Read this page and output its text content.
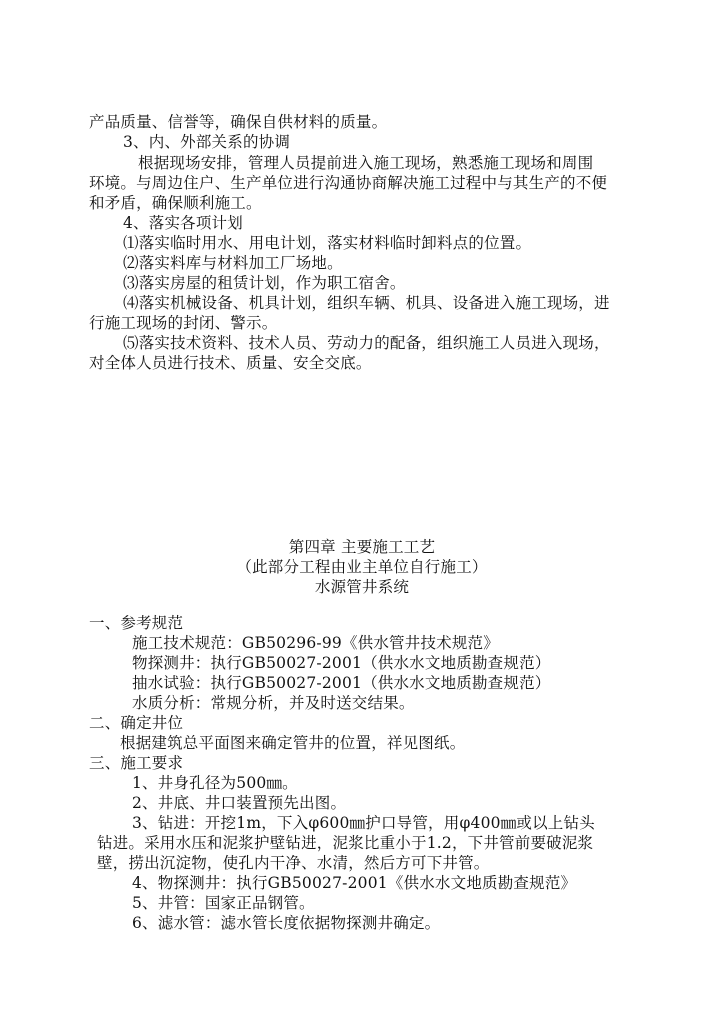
产品质量、信誉等，确保自供材料的质量。
3、内、外部关系的协调
根据现场安排，管理人员提前进入施工现场，熟悉施工现场和周围
环境。与周边住户、生产单位进行沟通协商解决施工过程中与其生产的不便
和矛盾，确保顺利施工。
4、落实各项计划
⑴落实临时用水、用电计划，落实材料临时卸料点的位置。
⑵落实料库与材料加工厂场地。
⑶落实房屋的租赁计划，作为职工宿舍。
⑷落实机械设备、机具计划，组织车辆、机具、设备进入施工现场，进
行施工现场的封闭、警示。
⑸落实技术资料、技术人员、劳动力的配备，组织施工人员进入现场，
对全体人员进行技术、质量、安全交底。
第四章 主要施工工艺
（此部分工程由业主单位自行施工）
水源管井系统
一、参考规范
施工技术规范：GB50296-99《供水管井技术规范》
物探测井：执行GB50027-2001（供水水文地质勘查规范）
抽水试验：执行GB50027-2001（供水水文地质勘查规范）
水质分析：常规分析，并及时送交结果。
二、确定井位
根据建筑总平面图来确定管井的位置，祥见图纸。
三、施工要求
1、井身孔径为500㎜。
2、井底、井口装置预先出图。
3、钻进：开挖1m，下入φ600㎜护口导管，用φ400㎜或以上钻头
钻进。采用水压和泥浆护壁钻进，泥浆比重小于1.2，下井管前要破泥浆
壁，捞出沉淀物，使孔内干净、水清，然后方可下井管。
4、物探测井：执行GB50027-2001《供水水文地质勘查规范》
5、井管：国家正品钢管。
6、滤水管：滤水管长度依据物探测井确定。
